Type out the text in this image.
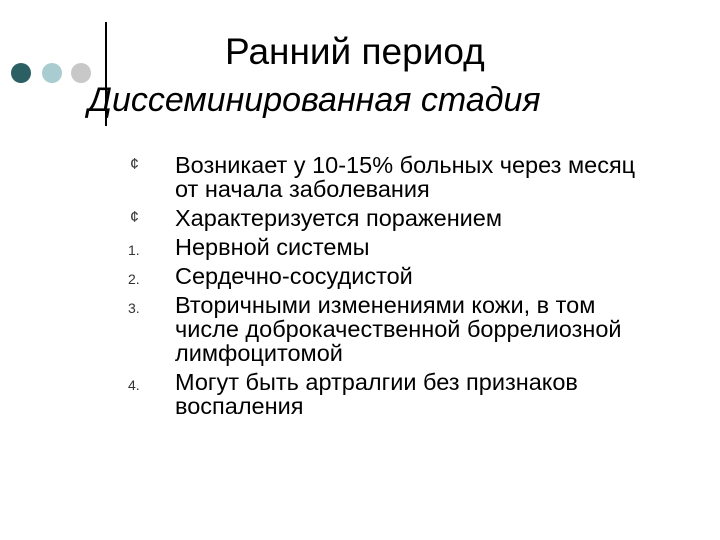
Ранний период
Диссеминированная стадия
¢	Возникает у 10-15% больных через месяц от начала заболевания
¢	Характеризуется поражением
1.	Нервной системы
2.	Сердечно-сосудистой
3.	Вторичными изменениями кожи, в том числе доброкачественной боррелиозной лимфоцитомой
4.	Могут быть артралгии без признаков воспаления
